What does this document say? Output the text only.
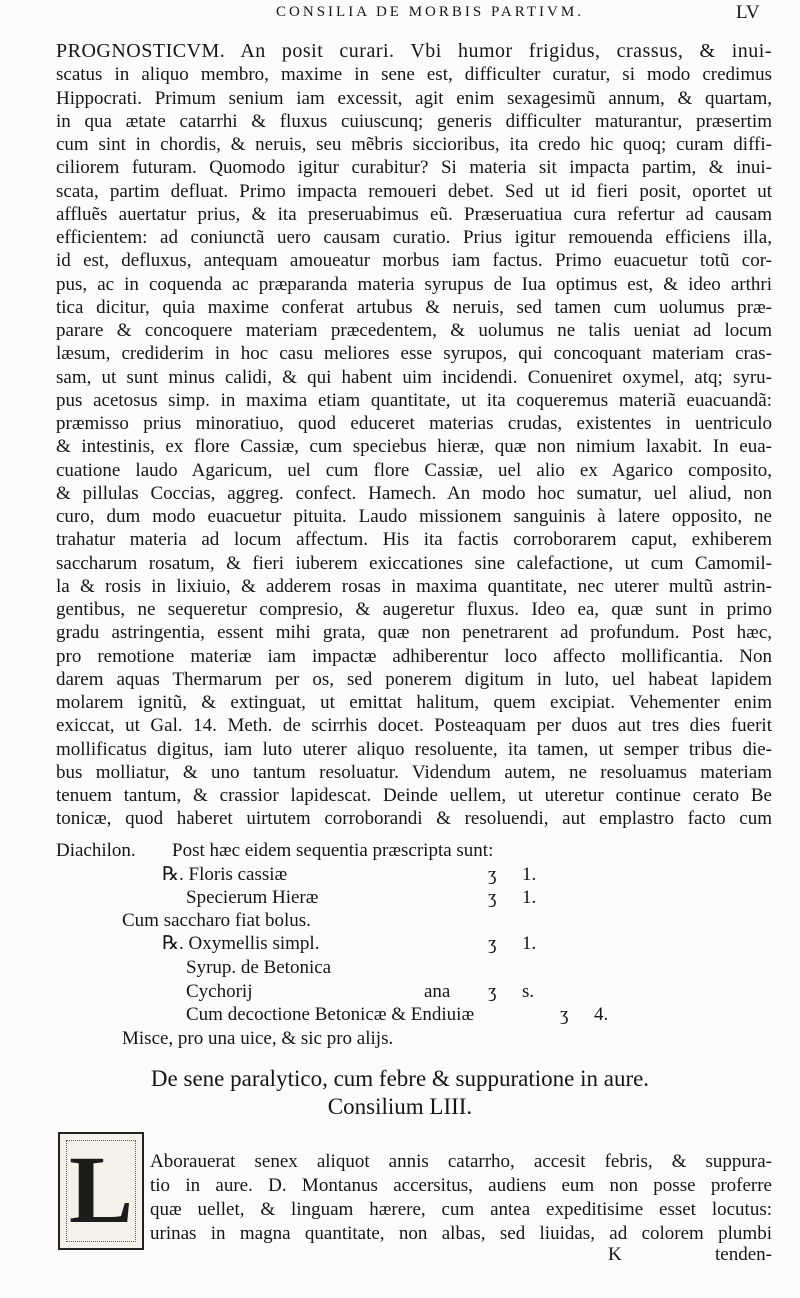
CONSILIA DE MORBIS PARTIVM.	LV
PROGNOSTICVM. An posit curari. Vbi humor frigidus, crassus, & inui-
scatus in aliquo membro, maxime in sene est, difficulter curatur, si modo credimus
Hippocrati. Primum senium iam excessit, agit enim sexagesimũ annum, & quartam,
in qua ætate catarrhi & fluxus cuiuscunq; generis difficulter maturantur, præsertim
cum sint in chordis, & neruis, seu mẽbris siccioribus, ita credo hic quoq; curam diffi-
ciliorem futuram. Quomodo igitur curabitur? Si materia sit impacta partim, & inui-
scata, partim defluat. Primo impacta remoueri debet. Sed ut id fieri posit, oportet ut
affluẽs auertatur prius, & ita preseruabimus eũ. Præseruatiua cura refertur ad causam
efficientem: ad coniunctã uero causam curatio. Prius igitur remouenda efficiens illa,
id est, defluxus, antequam amoueatur morbus iam factus. Primo euacuetur totũ cor-
pus, ac in coquenda ac præparanda materia syrupus de Iua optimus est, & ideo arthri
tica dicitur, quia maxime conferat artubus & neruis, sed tamen cum uolumus præ-
parare & concoquere materiam præcedentem, & uolumus ne talis ueniat ad locum
læsum, crediderim in hoc casu meliores esse syrupos, qui concoquant materiam cras-
sam, ut sunt minus calidi, & qui habent uim incidendi. Conueniret oxymel, atq; syru-
pus acetosus simp. in maxima etiam quantitate, ut ita coqueremus materiã euacuandã:
præmisso prius minoratiuo, quod educeret materias crudas, existentes in uentriculo
& intestinis, ex flore Cassiæ, cum speciebus hieræ, quæ non nimium laxabit. In eua-
cuatione laudo Agaricum, uel cum flore Cassiæ, uel alio ex Agarico composito,
& pillulas Coccias, aggreg. confect. Hamech. An modo hoc sumatur, uel aliud, non
curo, dum modo euacuetur pituita. Laudo missionem sanguinis à latere opposito, ne
trahatur materia ad locum affectum. His ita factis corroborarem caput, exhiberem
saccharum rosatum, & fieri iuberem exiccationes sine calefactione, ut cum Camomil-
la & rosis in lixiuio, & adderem rosas in maxima quantitate, nec uterer multũ astrin-
gentibus, ne sequeretur compresio, & augeretur fluxus. Ideo ea, quæ sunt in primo
gradu astringentia, essent mihi grata, quæ non penetrarent ad profundum. Post hæc,
pro remotione materiæ iam impactæ adhiberentur loco affecto mollificantia. Non
darem aquas Thermarum per os, sed ponerem digitum in luto, uel habeat lapidem
molarem ignitũ, & extinguat, ut emittat halitum, quem excipiat. Vehementer enim
exiccat, ut Gal. 14. Meth. de scirrhis docet. Posteaquam per duos aut tres dies fuerit
mollificatus digitus, iam luto uterer aliquo resoluente, ita tamen, ut semper tribus die-
bus molliatur, & uno tantum resoluatur. Videndum autem, ne resoluamus materiam
tenuem tantum, & crassior lapidescat. Deinde uellem, ut uteretur continue cerato Be
tonicæ, quod haberet uirtutem corroborandi & resoluendi, aut emplastro facto cum
Diachilon. Post hæc eidem sequentia præscripta sunt:
℞. Floris cassiæ	ʒ 1.
Specierum Hieræ	ʒ 1.
Cum saccharo fiat bolus.
℞. Oxymellis simpl.	ʒ 1.
Syrup. de Betonica
Cychorij	ana ʒ s.
Cum decoctione Betonicæ & Endiuiæ	ʒ 4.
Misce, pro una uice, & sic pro alijs.
De sene paralytico, cum febre & suppuratione in aure.
Consilium LIII.
L Aborauerat senex aliquot annis catarrho, accesit febris, & suppura-
tio in aure. D. Montanus accersitus, audiens eum non posse proferre
quæ uellet, & linguam hærere, cum antea expeditisime esset locutus:
urinas in magna quantitate, non albas, sed liuidas, ad colorem plumbi
K	tenden-
